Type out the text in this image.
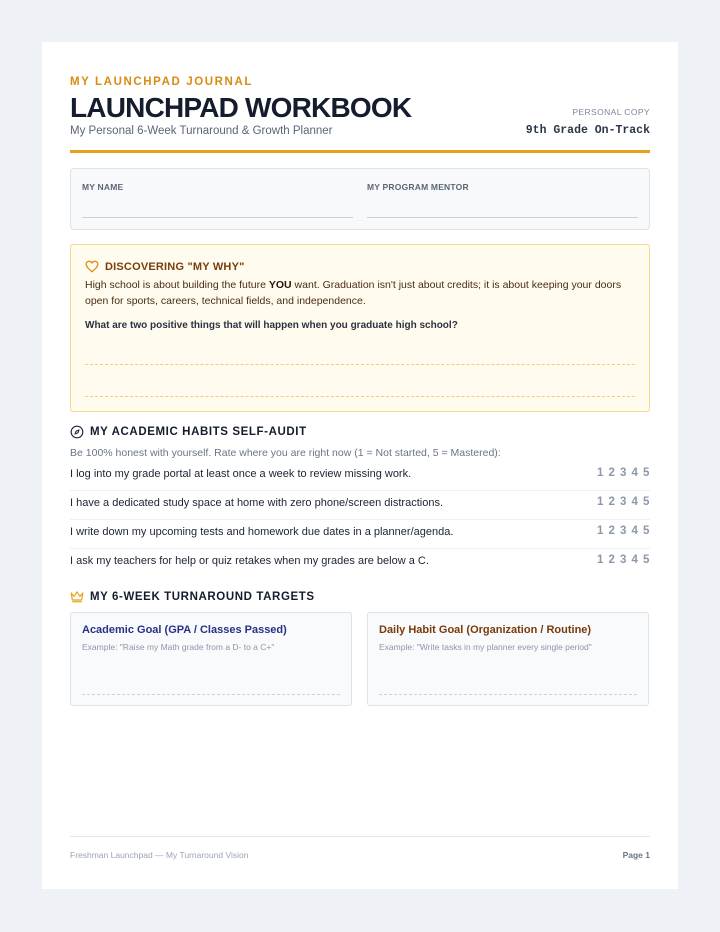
MY LAUNCHPAD JOURNAL
LAUNCHPAD WORKBOOK
My Personal 6-Week Turnaround & Growth Planner
PERSONAL COPY
9th Grade On-Track
MY NAME	MY PROGRAM MENTOR
DISCOVERING "MY WHY"
High school is about building the future YOU want. Graduation isn't just about credits; it is about keeping your doors open for sports, careers, technical fields, and independence.
What are two positive things that will happen when you graduate high school?
MY ACADEMIC HABITS SELF-AUDIT
Be 100% honest with yourself. Rate where you are right now (1 = Not started, 5 = Mastered):
I log into my grade portal at least once a week to review missing work.	1 2 3 4 5
I have a dedicated study space at home with zero phone/screen distractions.	1 2 3 4 5
I write down my upcoming tests and homework due dates in a planner/agenda.	1 2 3 4 5
I ask my teachers for help or quiz retakes when my grades are below a C.	1 2 3 4 5
MY 6-WEEK TURNAROUND TARGETS
Academic Goal (GPA / Classes Passed)
Example: "Raise my Math grade from a D- to a C+"
Daily Habit Goal (Organization / Routine)
Example: "Write tasks in my planner every single period"
Freshman Launchpad — My Turnaround Vision	Page 1
